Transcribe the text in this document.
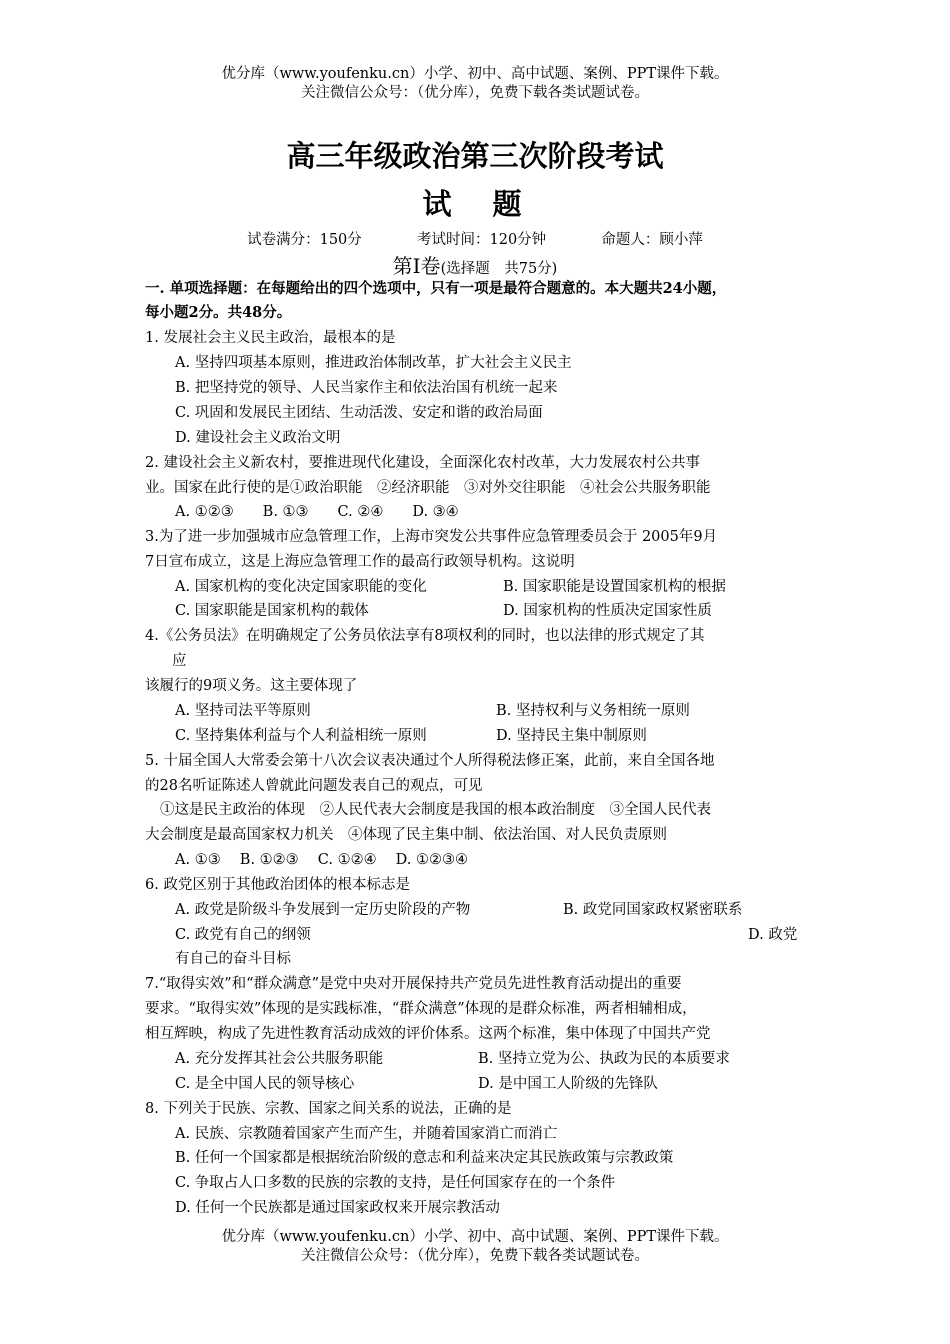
优分库（www.youfenku.cn）小学、初中、高中试题、案例、PPT课件下载。
关注微信公众号：（优分库），免费下载各类试题试卷。
高三年级政治第三次阶段考试
试　题
试卷满分：150分	考试时间：120分钟	命题人：顾小萍
第Ⅰ卷(选择题　共75分)
一. 单项选择题：在每题给出的四个选项中，只有一项是最符合题意的。本大题共24小题，
每小题2分。共48分。
1. 发展社会主义民主政治，最根本的是
A. 坚持四项基本原则，推进政治体制改革，扩大社会主义民主
B. 把坚持党的领导、人民当家作主和依法治国有机统一起来
C. 巩固和发展民主团结、生动活泼、安定和谐的政治局面
D. 建设社会主义政治文明
2. 建设社会主义新农村，要推进现代化建设，全面深化农村改革，大力发展农村公共事
业。国家在此行使的是①政治职能　②经济职能　③对外交往职能　④社会公共服务职能
A. ①②③　　B. ①③　　C. ②④　　D. ③④
3.为了进一步加强城市应急管理工作，上海市突发公共事件应急管理委员会于 2005年9月
7日宣布成立，这是上海应急管理工作的最高行政领导机构。这说明
A. 国家机构的变化决定国家职能的变化	B. 国家职能是设置国家机构的根据
C. 国家职能是国家机构的载体	D. 国家机构的性质决定国家性质
4.《公务员法》在明确规定了公务员依法享有8项权利的同时，也以法律的形式规定了其
应
该履行的9项义务。这主要体现了
A. 坚持司法平等原则	B. 坚持权利与义务相统一原则
C. 坚持集体利益与个人利益相统一原则	D. 坚持民主集中制原则
5. 十届全国人大常委会第十八次会议表决通过个人所得税法修正案，此前，来自全国各地
的28名听证陈述人曾就此问题发表自己的观点，可见
①这是民主政治的体现　②人民代表大会制度是我国的根本政治制度　③全国人民代表
大会制度是最高国家权力机关　④体现了民主集中制、依法治国、对人民负责原则
A. ①③　 B. ①②③　 C. ①②④　 D. ①②③④
6. 政党区别于其他政治团体的根本标志是
A. 政党是阶级斗争发展到一定历史阶段的产物	B. 政党同国家政权紧密联系
C. 政党有自己的纲领	D. 政党
有自己的奋斗目标
7.“取得实效”和“群众满意”是党中央对开展保持共产党员先进性教育活动提出的重要
要求。“取得实效”体现的是实践标准，“群众满意”体现的是群众标准，两者相辅相成，
相互辉映，构成了先进性教育活动成效的评价体系。这两个标准，集中体现了中国共产党
A. 充分发挥其社会公共服务职能	B. 坚持立党为公、执政为民的本质要求
C. 是全中国人民的领导核心	D. 是中国工人阶级的先锋队
8. 下列关于民族、宗教、国家之间关系的说法，正确的是
A. 民族、宗教随着国家产生而产生，并随着国家消亡而消亡
B. 任何一个国家都是根据统治阶级的意志和利益来决定其民族政策与宗教政策
C. 争取占人口多数的民族的宗教的支持，是任何国家存在的一个条件
D. 任何一个民族都是通过国家政权来开展宗教活动
优分库（www.youfenku.cn）小学、初中、高中试题、案例、PPT课件下载。
关注微信公众号：（优分库），免费下载各类试题试卷。
